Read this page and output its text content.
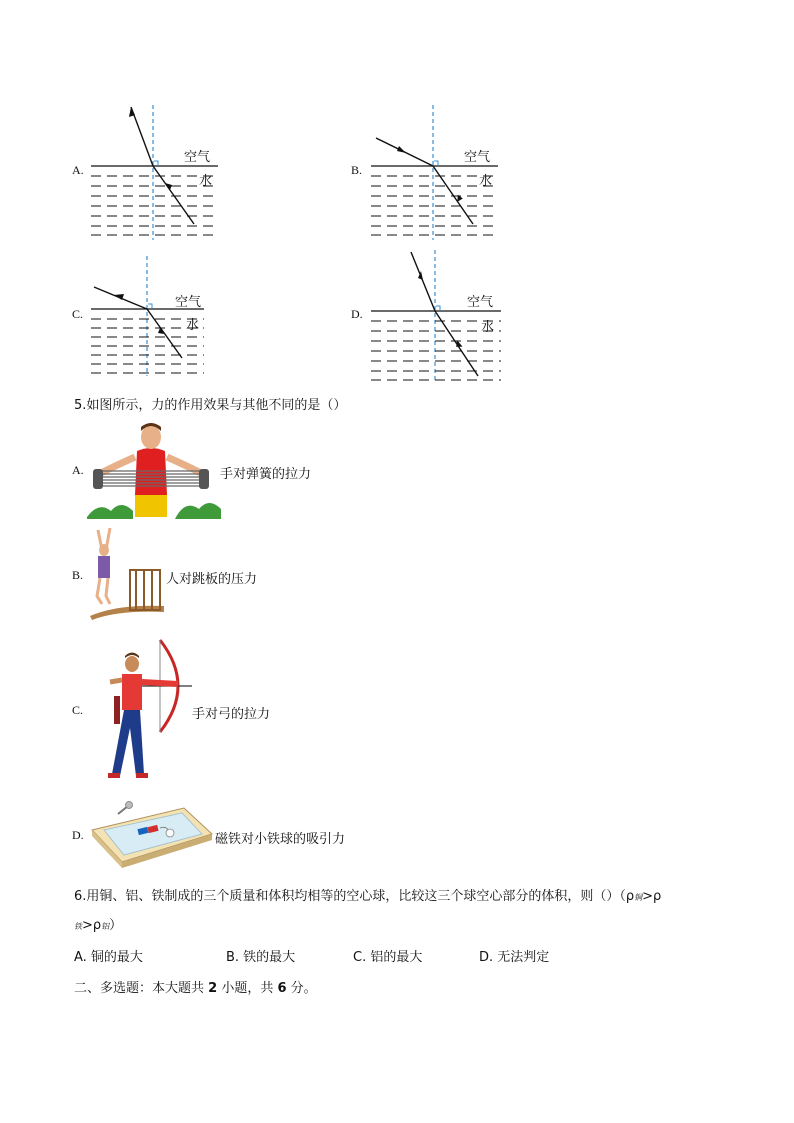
A.
空气
水
B.
空气
水
C.
空气
水
D.
空气
水
5.如图所示，力的作用效果与其他不同的是（）
A.	手对弹簧的拉力
B.	人对跳板的压力
C.	手对弓的拉力
D.	磁铁对小铁球的吸引力
6.用铜、铝、铁制成的三个质量和体积均相等的空心球，比较这三个球空心部分的体积，则（）（ρ铜>ρ
铁>ρ铝）
A. 铜的最大	B. 铁的最大	C. 铝的最大	D. 无法判定
二、多选题：本大题共 2 小题，共 6 分。
